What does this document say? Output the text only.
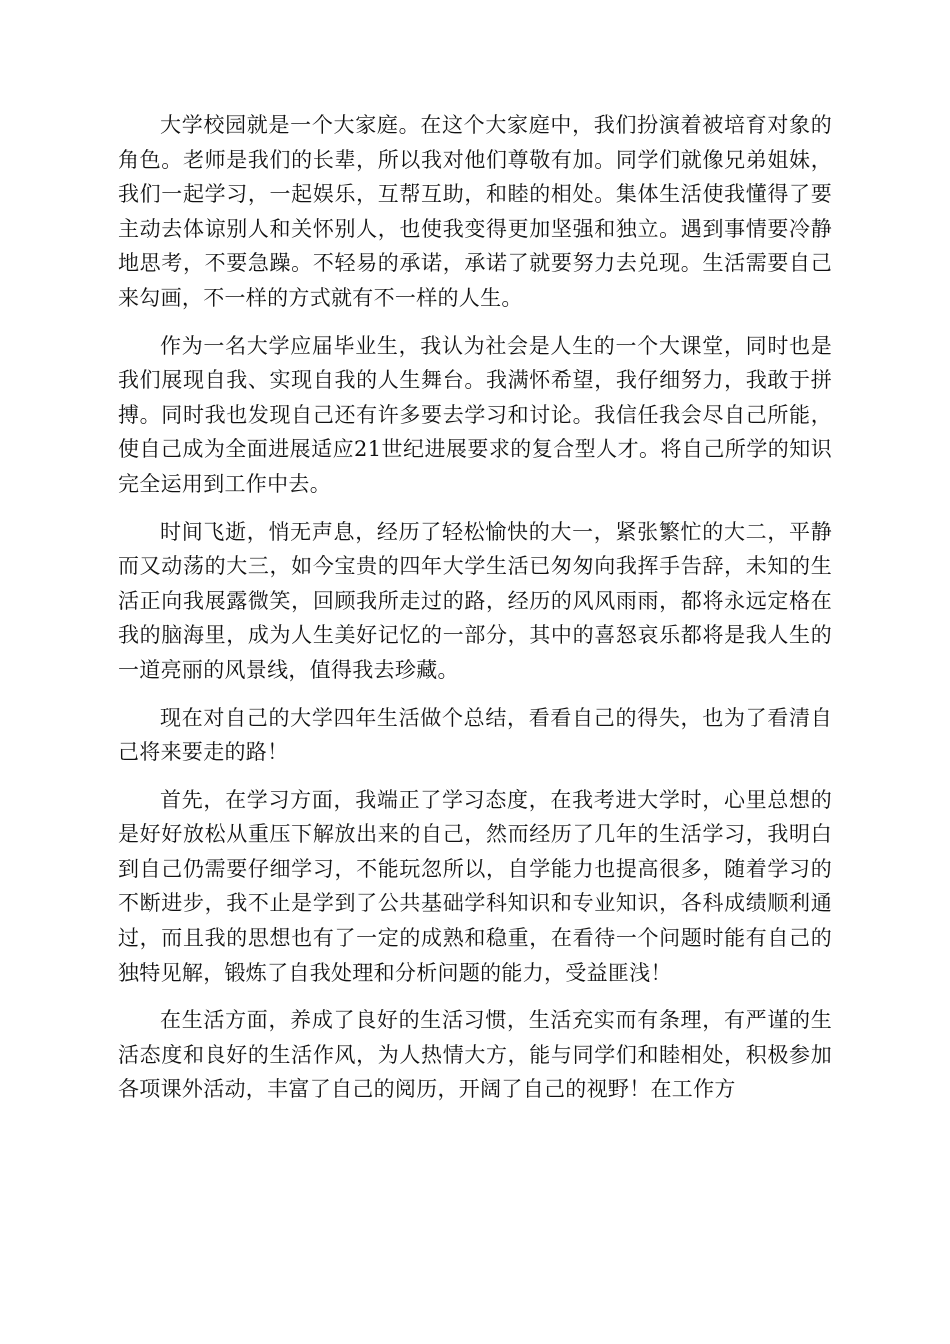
大学校园就是一个大家庭。在这个大家庭中，我们扮演着被培育对象的角色。老师是我们的长辈，所以我对他们尊敬有加。同学们就像兄弟姐妹，我们一起学习，一起娱乐，互帮互助，和睦的相处。集体生活使我懂得了要主动去体谅别人和关怀别人，也使我变得更加坚强和独立。遇到事情要冷静地思考，不要急躁。不轻易的承诺，承诺了就要努力去兑现。生活需要自己来勾画，不一样的方式就有不一样的人生。

作为一名大学应届毕业生，我认为社会是人生的一个大课堂，同时也是我们展现自我、实现自我的人生舞台。我满怀希望，我仔细努力，我敢于拼搏。同时我也发现自己还有许多要去学习和讨论。我信任我会尽自己所能，使自己成为全面进展适应21世纪进展要求的复合型人才。将自己所学的知识完全运用到工作中去。

时间飞逝，悄无声息，经历了轻松愉快的大一，紧张繁忙的大二，平静而又动荡的大三，如今宝贵的四年大学生活已匆匆向我挥手告辞，未知的生活正向我展露微笑，回顾我所走过的路，经历的风风雨雨，都将永远定格在我的脑海里，成为人生美好记忆的一部分，其中的喜怒哀乐都将是我人生的一道亮丽的风景线，值得我去珍藏。

现在对自己的大学四年生活做个总结，看看自己的得失，也为了看清自己将来要走的路！

首先，在学习方面，我端正了学习态度，在我考进大学时，心里总想的是好好放松从重压下解放出来的自己，然而经历了几年的生活学习，我明白到自己仍需要仔细学习，不能玩忽所以，自学能力也提高很多，随着学习的不断进步，我不止是学到了公共基础学科知识和专业知识，各科成绩顺利通过，而且我的思想也有了一定的成熟和稳重，在看待一个问题时能有自己的独特见解，锻炼了自我处理和分析问题的能力，受益匪浅！

在生活方面，养成了良好的生活习惯，生活充实而有条理，有严谨的生活态度和良好的生活作风，为人热情大方，能与同学们和睦相处，积极参加各项课外活动，丰富了自己的阅历，开阔了自己的视野！在工作方
